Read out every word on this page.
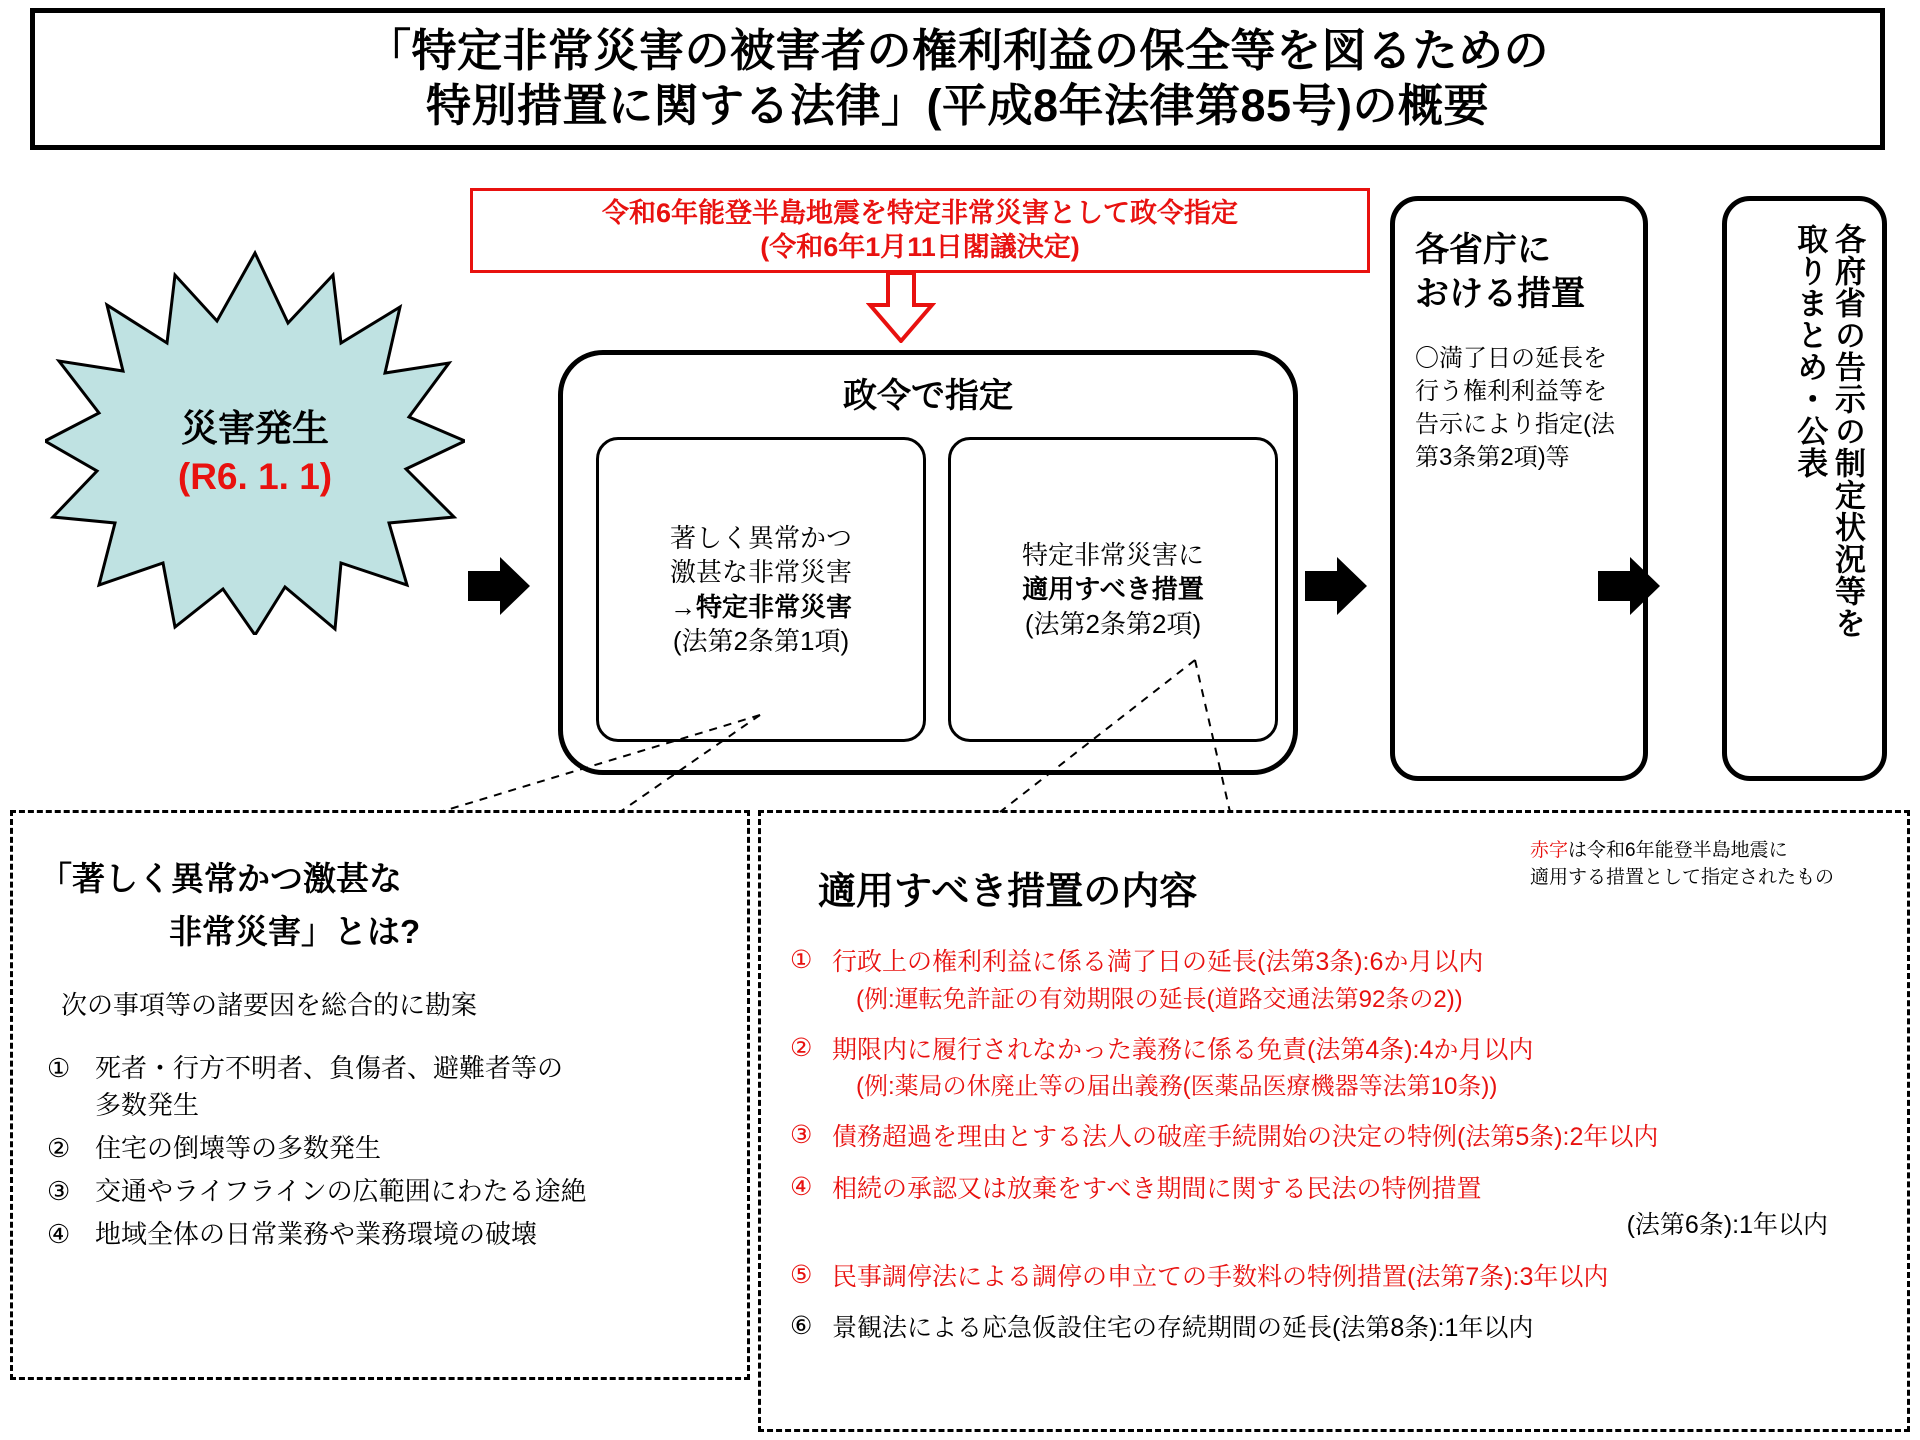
「特定非常災害の被害者の権利利益の保全等を図るための
特別措置に関する法律」(平成8年法律第85号)の概要
令和6年能登半島地震を特定非常災害として政令指定
(令和6年1月11日閣議決定)
災害発生
(R6. 1. 1)
政令で指定
著しく異常かつ
激甚な非常災害
→特定非常災害
(法第2条第1項)
特定非常災害に
適用すべき措置
(法第2条第2項)
各省庁に
おける措置
〇満了日の延長を行う権利利益等を告示により指定(法第3条第2項)等	各府省の告示の制定状況等を
取りまとめ・公表
「著しく異常かつ激甚な
非常災害」とは?
次の事項等の諸要因を総合的に勘案
① 死者・行方不明者、負傷者、避難者等の
多数発生
② 住宅の倒壊等の多数発生
③ 交通やライフラインの広範囲にわたる途絶
④ 地域全体の日常業務や業務環境の破壊
適用すべき措置の内容
赤字は令和6年能登半島地震に
適用する措置として指定されたもの
① 行政上の権利利益に係る満了日の延長(法第3条):6か月以内
(例:運転免許証の有効期限の延長(道路交通法第92条の2))
② 期限内に履行されなかった義務に係る免責(法第4条):4か月以内
(例:薬局の休廃止等の届出義務(医薬品医療機器等法第10条))
③ 債務超過を理由とする法人の破産手続開始の決定の特例(法第5条):2年以内
④ 相続の承認又は放棄をすべき期間に関する民法の特例措置
(法第6条):1年以内
⑤ 民事調停法による調停の申立ての手数料の特例措置(法第7条):3年以内
⑥ 景観法による応急仮設住宅の存続期間の延長(法第8条):1年以内
